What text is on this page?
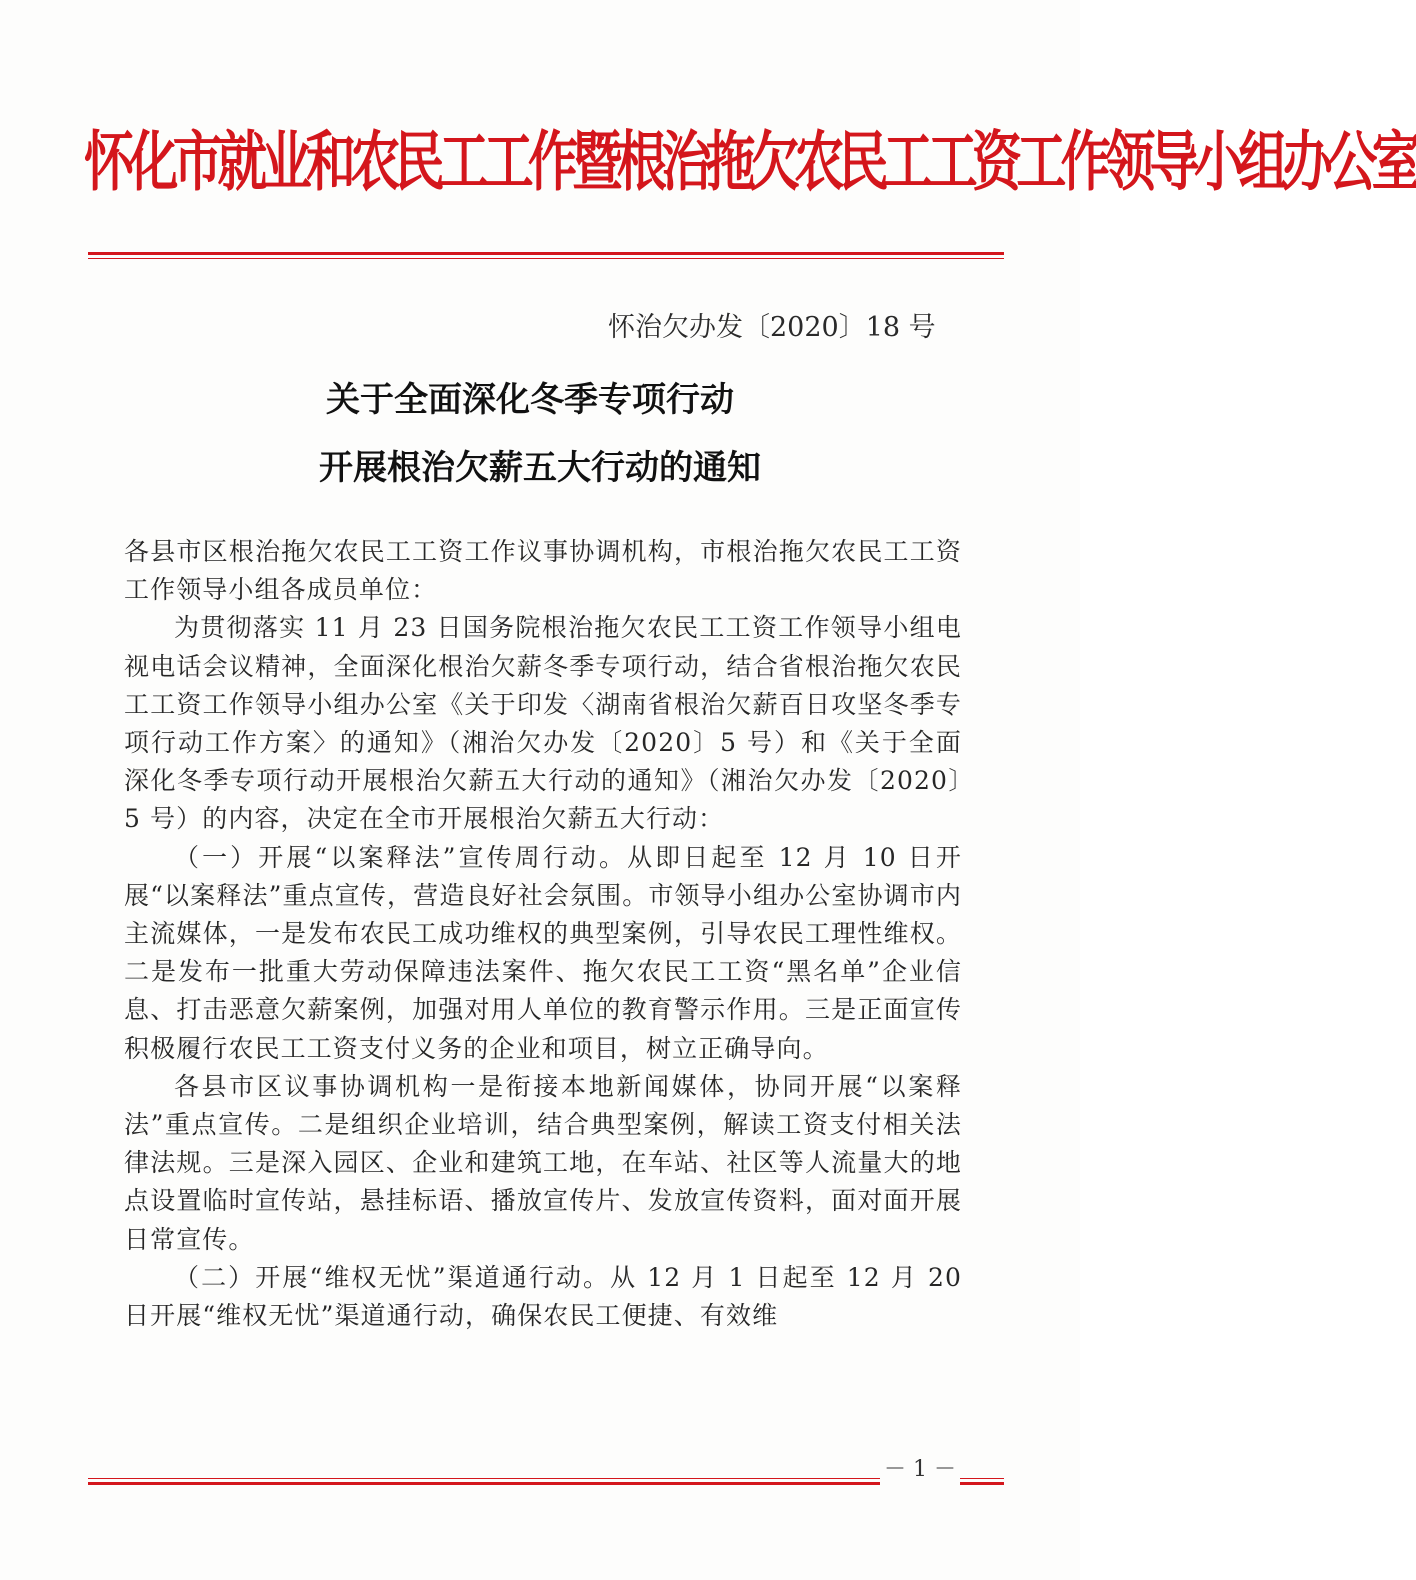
怀化市就业和农民工工作暨根治拖欠农民工工资工作领导小组办公室
怀治欠办发〔2020〕18 号
关于全面深化冬季专项行动
开展根治欠薪五大行动的通知

各县市区根治拖欠农民工工资工作议事协调机构，市根治拖欠农民工工资工作领导小组各成员单位：

为贯彻落实 11 月 23 日国务院根治拖欠农民工工资工作领导小组电视电话会议精神，全面深化根治欠薪冬季专项行动，结合省根治拖欠农民工工资工作领导小组办公室《关于印发〈湖南省根治欠薪百日攻坚冬季专项行动工作方案〉的通知》（湘治欠办发〔2020〕5 号）和《关于全面深化冬季专项行动开展根治欠薪五大行动的通知》（湘治欠办发〔2020〕5 号）的内容，决定在全市开展根治欠薪五大行动：

（一）开展“以案释法”宣传周行动。从即日起至 12 月 10 日开展“以案释法”重点宣传，营造良好社会氛围。市领导小组办公室协调市内主流媒体，一是发布农民工成功维权的典型案例，引导农民工理性维权。二是发布一批重大劳动保障违法案件、拖欠农民工工资“黑名单”企业信息、打击恶意欠薪案例，加强对用人单位的教育警示作用。三是正面宣传积极履行农民工工资支付义务的企业和项目，树立正确导向。

各县市区议事协调机构一是衔接本地新闻媒体，协同开展“以案释法”重点宣传。二是组织企业培训，结合典型案例，解读工资支付相关法律法规。三是深入园区、企业和建筑工地，在车站、社区等人流量大的地点设置临时宣传站，悬挂标语、播放宣传片、发放宣传资料，面对面开展日常宣传。

（二）开展“维权无忧”渠道通行动。从 12 月 1 日起至 12 月 20 日开展“维权无忧”渠道通行动，确保农民工便捷、有效维

－ 1 －
